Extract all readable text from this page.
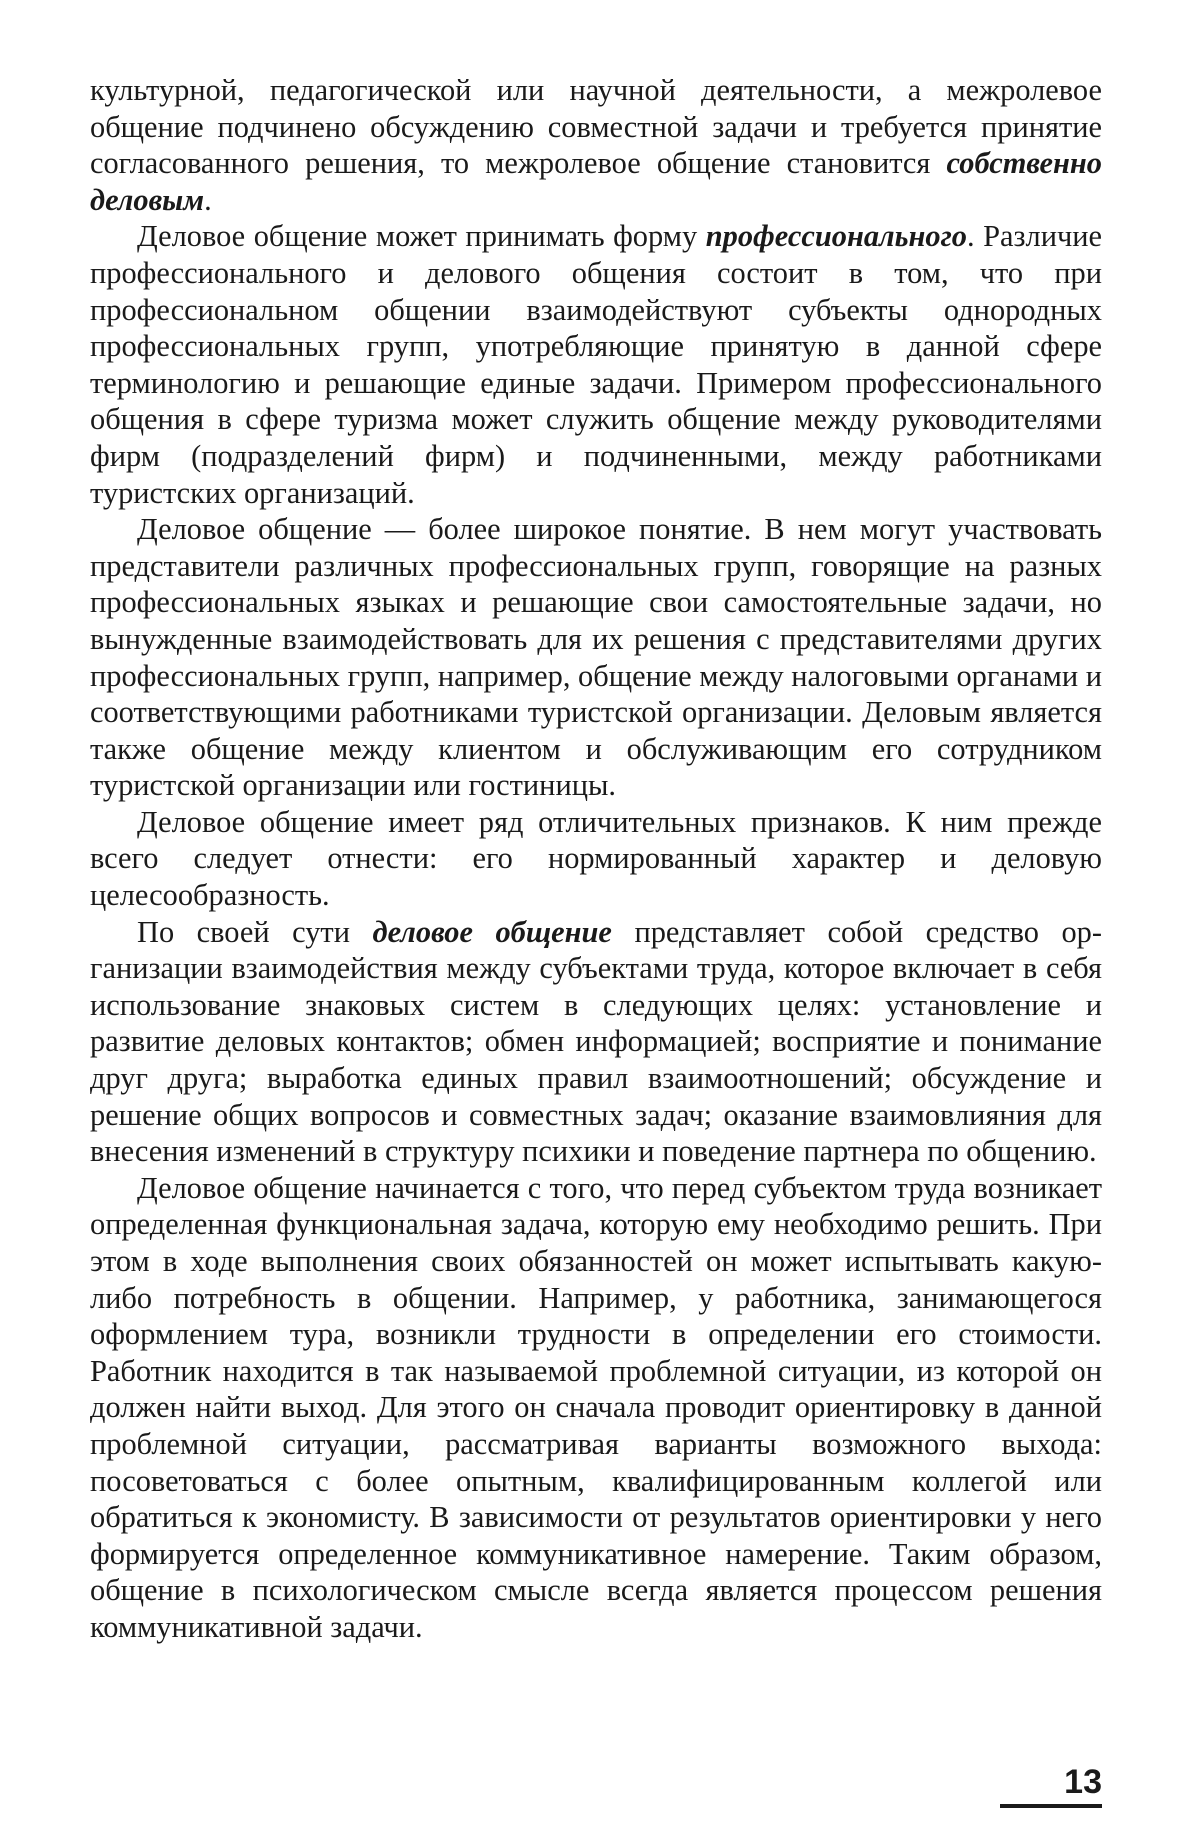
культурной, педагогической или научной деятельности, а межролевое общение подчинено обсуждению совместной задачи и требуется принятие согласованного решения, то межролевое общение становится собственно деловым.

Деловое общение может принимать форму профессионального. Различие профессионального и делового общения состоит в том, что при профессиональном общении взаимодействуют субъекты однородных профессиональных групп, употребляющие принятую в данной сфере терминологию и решающие единые задачи. Примером профессионального общения в сфере туризма может служить общение между руководителями фирм (подразделений фирм) и подчиненными, между работниками туристских организаций.

Деловое общение — более широкое понятие. В нем могут участвовать представители различных профессиональных групп, говорящие на разных профессиональных языках и решающие свои самостоятельные задачи, но вынужденные взаимодействовать для их решения с представителями других профессиональных групп, например, общение между налоговыми органами и соответствующими работниками туристской организации. Деловым является также общение между клиентом и обслуживающим его сотрудником туристской организации или гостиницы.

Деловое общение имеет ряд отличительных признаков. К ним прежде всего следует отнести: его нормированный характер и деловую целесообразность.

По своей сути деловое общение представляет собой средство организации взаимодействия между субъектами труда, которое включает в себя использование знаковых систем в следующих целях: установление и развитие деловых контактов; обмен информацией; восприятие и понимание друг друга; выработка единых правил взаимоотношений; обсуждение и решение общих вопросов и совместных задач; оказание взаимовлияния для внесения изменений в структуру психики и поведение партнера по общению.

Деловое общение начинается с того, что перед субъектом труда возникает определенная функциональная задача, которую ему необходимо решить. При этом в ходе выполнения своих обязанностей он может испытывать какую-либо потребность в общении. Например, у работника, занимающегося оформлением тура, возникли трудности в определении его стоимости. Работник находится в так называемой проблемной ситуации, из которой он должен найти выход. Для этого он сначала проводит ориентировку в данной проблемной ситуации, рассматривая варианты возможного выхода: посоветоваться с более опытным, квалифицированным коллегой или обратиться к экономисту. В зависимости от результатов ориентировки у него формируется определенное коммуникативное намерение. Таким образом, общение в психологическом смысле всегда является процессом решения коммуникативной задачи.

13
